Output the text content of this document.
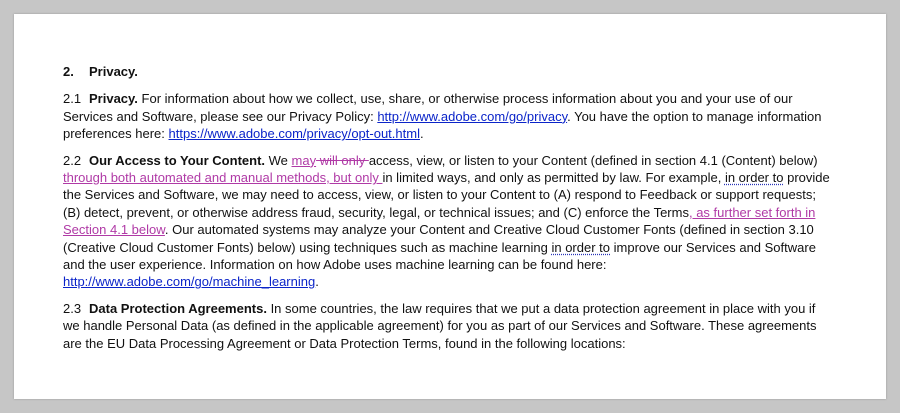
2. Privacy.

2.1 Privacy. For information about how we collect, use, share, or otherwise process information about you and your use of our Services and Software, please see our Privacy Policy: http://www.adobe.com/go/privacy. You have the option to manage information preferences here: https://www.adobe.com/privacy/opt-out.html.

2.2 Our Access to Your Content. We may will only access, view, or listen to your Content (defined in section 4.1 (Content) below) through both automated and manual methods, but only in limited ways, and only as permitted by law. For example, in order to provide the Services and Software, we may need to access, view, or listen to your Content to (A) respond to Feedback or support requests; (B) detect, prevent, or otherwise address fraud, security, legal, or technical issues; and (C) enforce the Terms, as further set forth in Section 4.1 below. Our automated systems may analyze your Content and Creative Cloud Customer Fonts (defined in section 3.10 (Creative Cloud Customer Fonts) below) using techniques such as machine learning in order to improve our Services and Software and the user experience. Information on how Adobe uses machine learning can be found here: http://www.adobe.com/go/machine_learning.

2.3 Data Protection Agreements. In some countries, the law requires that we put a data protection agreement in place with you if we handle Personal Data (as defined in the applicable agreement) for you as part of our Services and Software. These agreements are the EU Data Processing Agreement or Data Protection Terms, found in the following locations:
